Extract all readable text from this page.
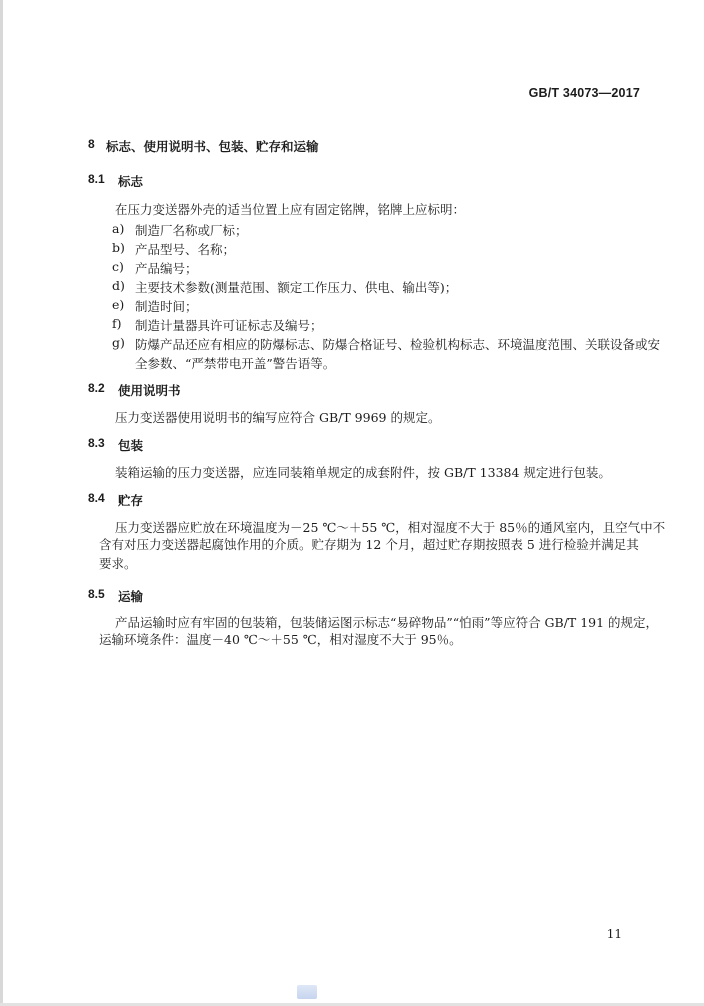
GB/T 34073—2017
8 标志、使用说明书、包装、贮存和运输
8.1 标志
在压力变送器外壳的适当位置上应有固定铭牌，铭牌上应标明：
a) 制造厂名称或厂标；
b) 产品型号、名称；
c) 产品编号；
d) 主要技术参数(测量范围、额定工作压力、供电、输出等)；
e) 制造时间；
f) 制造计量器具许可证标志及编号；
g) 防爆产品还应有相应的防爆标志、防爆合格证号、检验机构标志、环境温度范围、关联设备或安
全参数、“严禁带电开盖”警告语等。
8.2 使用说明书
压力变送器使用说明书的编写应符合 GB/T 9969 的规定。
8.3 包装
装箱运输的压力变送器，应连同装箱单规定的成套附件，按 GB/T 13384 规定进行包装。
8.4 贮存
压力变送器应贮放在环境温度为－25 ℃～＋55 ℃，相对湿度不大于 85％的通风室内，且空气中不
含有对压力变送器起腐蚀作用的介质。贮存期为 12 个月，超过贮存期按照表 5 进行检验并满足其
要求。
8.5 运输
产品运输时应有牢固的包装箱，包装储运图示标志“易碎物品”“怕雨”等应符合 GB/T 191 的规定，
运输环境条件：温度－40 ℃～＋55 ℃，相对湿度不大于 95％。
11
